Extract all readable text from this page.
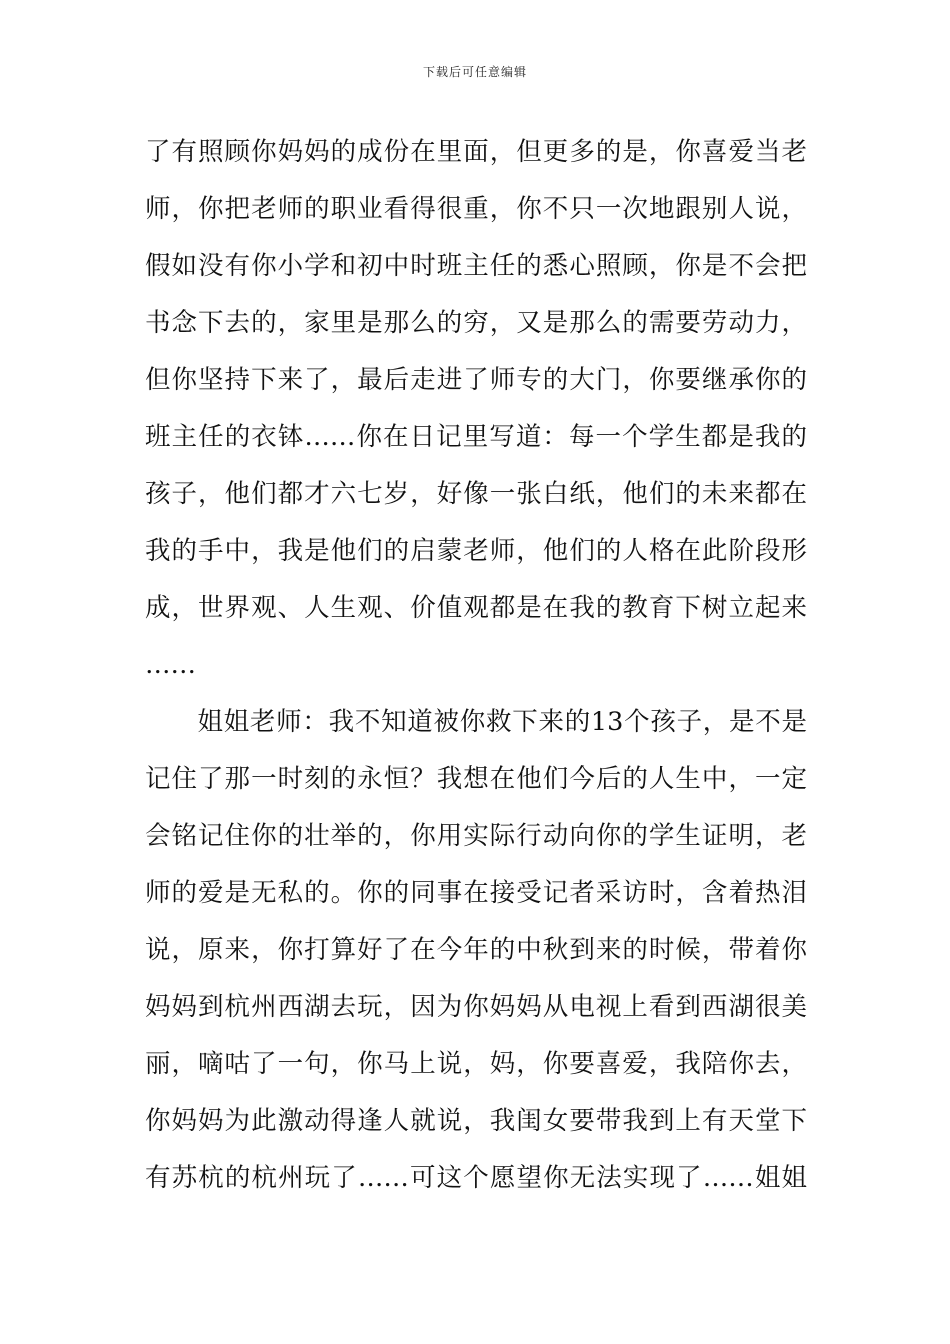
下载后可任意编辑
了有照顾你妈妈的成份在里面，但更多的是，你喜爱当老
师，你把老师的职业看得很重，你不只一次地跟别人说，
假如没有你小学和初中时班主任的悉心照顾，你是不会把
书念下去的，家里是那么的穷，又是那么的需要劳动力，
但你坚持下来了，最后走进了师专的大门，你要继承你的
班主任的衣钵……你在日记里写道：每一个学生都是我的
孩子，他们都才六七岁，好像一张白纸，他们的未来都在
我的手中，我是他们的启蒙老师，他们的人格在此阶段形
成，世界观、人生观、价值观都是在我的教育下树立起来
……
　　姐姐老师：我不知道被你救下来的13个孩子，是不是
记住了那一时刻的永恒？我想在他们今后的人生中，一定
会铭记住你的壮举的，你用实际行动向你的学生证明，老
师的爱是无私的。你的同事在接受记者采访时，含着热泪
说，原来，你打算好了在今年的中秋到来的时候，带着你
妈妈到杭州西湖去玩，因为你妈妈从电视上看到西湖很美
丽，嘀咕了一句，你马上说，妈，你要喜爱，我陪你去，
你妈妈为此激动得逢人就说，我闺女要带我到上有天堂下
有苏杭的杭州玩了……可这个愿望你无法实现了……姐姐
